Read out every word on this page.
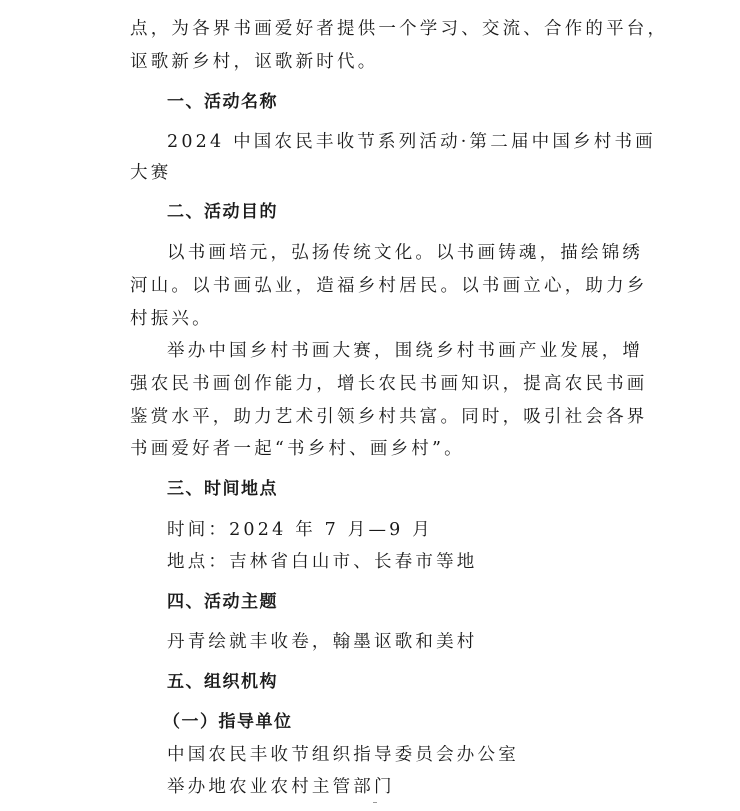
点，为各界书画爱好者提供一个学习、交流、合作的平台，
讴歌新乡村，讴歌新时代。
一、活动名称
2024 中国农民丰收节系列活动·第二届中国乡村书画
大赛
二、活动目的
以书画培元，弘扬传统文化。以书画铸魂，描绘锦绣
河山。以书画弘业，造福乡村居民。以书画立心，助力乡
村振兴。
举办中国乡村书画大赛，围绕乡村书画产业发展，增
强农民书画创作能力，增长农民书画知识，提高农民书画
鉴赏水平，助力艺术引领乡村共富。同时，吸引社会各界
书画爱好者一起“书乡村、画乡村”。
三、时间地点
时间：2024 年 7 月—9 月
地点：吉林省白山市、长春市等地
四、活动主题
丹青绘就丰收卷，翰墨讴歌和美村
五、组织机构
（一）指导单位
中国农民丰收节组织指导委员会办公室
举办地农业农村主管部门
